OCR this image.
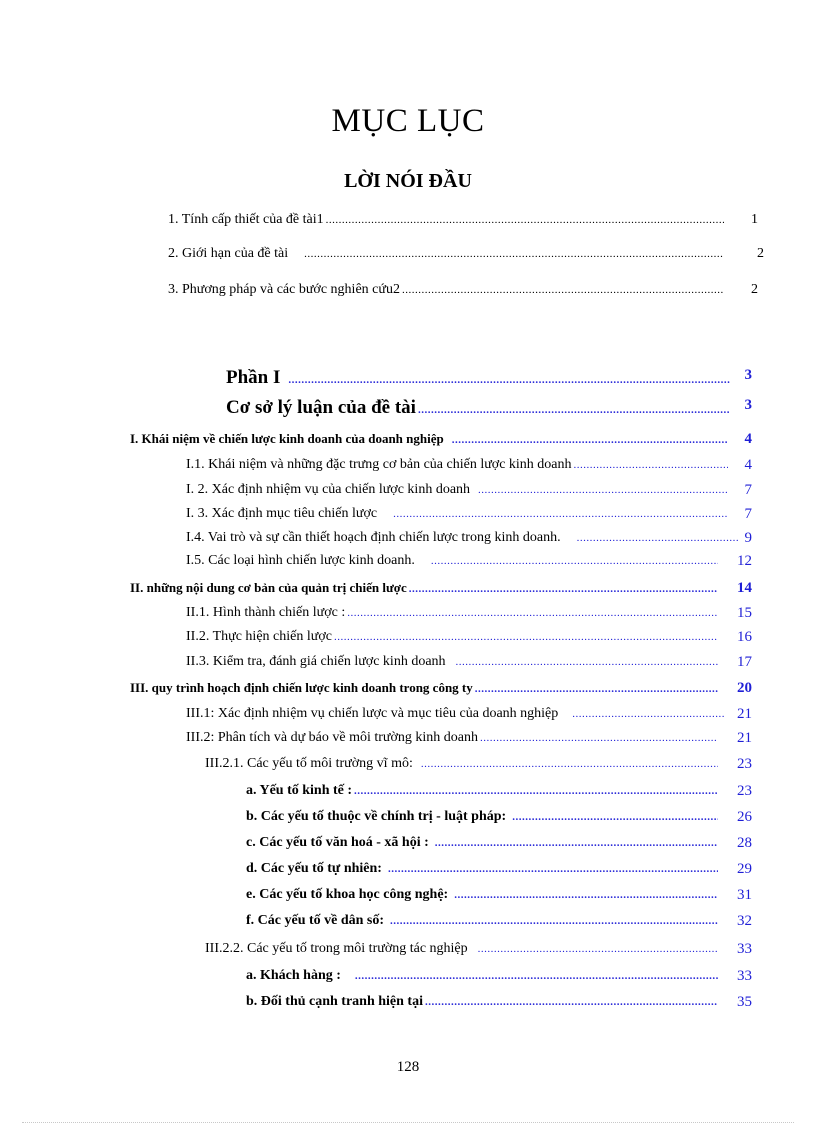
MỤC LỤC
LỜI NÓI ĐẦU
1. Tính cấp thiết của đề tài1 .....	1
2. Giới hạn của đề tài .....	2
3. Phương pháp và các bước nghiên cứu2 .....	2
Phần I .....	3
Cơ sở lý luận của đề tài .....	3
I. Khái niệm về chiến lược kinh doanh của doanh nghiệp .....	4
I.1. Khái niệm và những đặc trưng cơ bản của chiến lược kinh doanh .....	4
I. 2. Xác định nhiệm vụ của chiến lược kinh doanh .....	7
I. 3. Xác định mục tiêu chiến lược .....	7
I.4. Vai trò và sự cần thiết hoạch định chiến lược trong kinh doanh. .....	9
I.5. Các loại hình chiến lược kinh doanh. .....	12
II. những nội dung cơ bản của quản trị chiến lược .....	14
II.1. Hình thành chiến lược : .....	15
II.2. Thực hiện chiến lược .....	16
II.3. Kiểm tra, đánh giá chiến lược kinh doanh .....	17
III. quy trình hoạch định chiến lược kinh doanh trong công ty .....	20
III.1: Xác định nhiệm vụ chiến lược và mục tiêu của doanh nghiệp .....	21
III.2: Phân tích và dự báo về môi trường kinh doanh .....	21
III.2.1. Các yếu tố môi trường vĩ mô: .....	23
a. Yếu tố kinh tế : .....	23
b. Các yếu tố thuộc về chính trị - luật pháp: .....	26
c. Các yếu tố văn hoá - xã hội : .....	28
d. Các yếu tố tự nhiên: .....	29
e. Các yếu tố khoa học công nghệ: .....	31
f. Các yếu tố về dân số: .....	32
III.2.2. Các yếu tố trong môi trường tác nghiệp .....	33
a. Khách hàng : .....	33
b. Đối thủ cạnh tranh hiện tại .....	35
128
